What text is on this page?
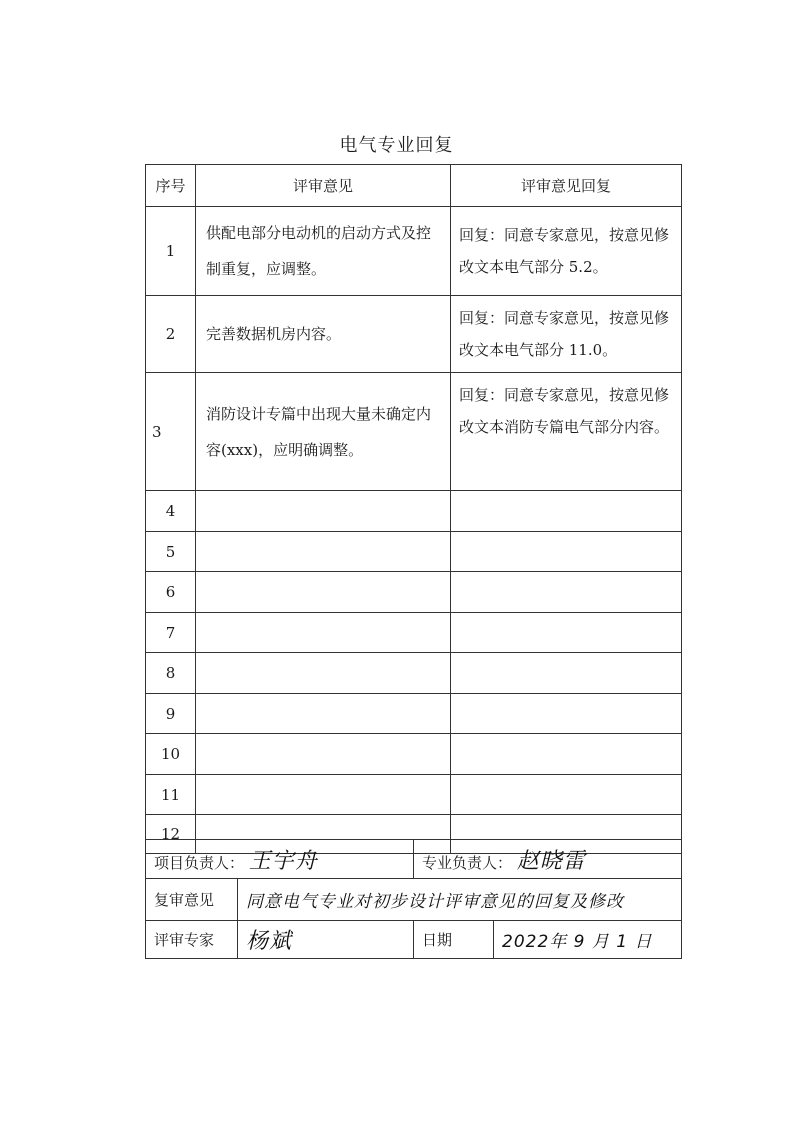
电气专业回复
序号	评审意见	评审意见回复
1	供配电部分电动机的启动方式及控制重复，应调整。	回复：同意专家意见，按意见修改文本电气部分 5.2。
2	完善数据机房内容。	回复：同意专家意见，按意见修改文本电气部分 11.0。
3	消防设计专篇中出现大量未确定内容(xxx)，应明确调整。	回复：同意专家意见，按意见修改文本消防专篇电气部分内容。
4		
5		
6		
7		
8		
9		
10		
11		
12		
项目负责人： 王宇舟		专业负责人： 赵晓雷	
复审意见	同意电气专业对初步设计评审意见的回复及修改		
评审专家	杨斌	日期	2022年 9 月 1 日
